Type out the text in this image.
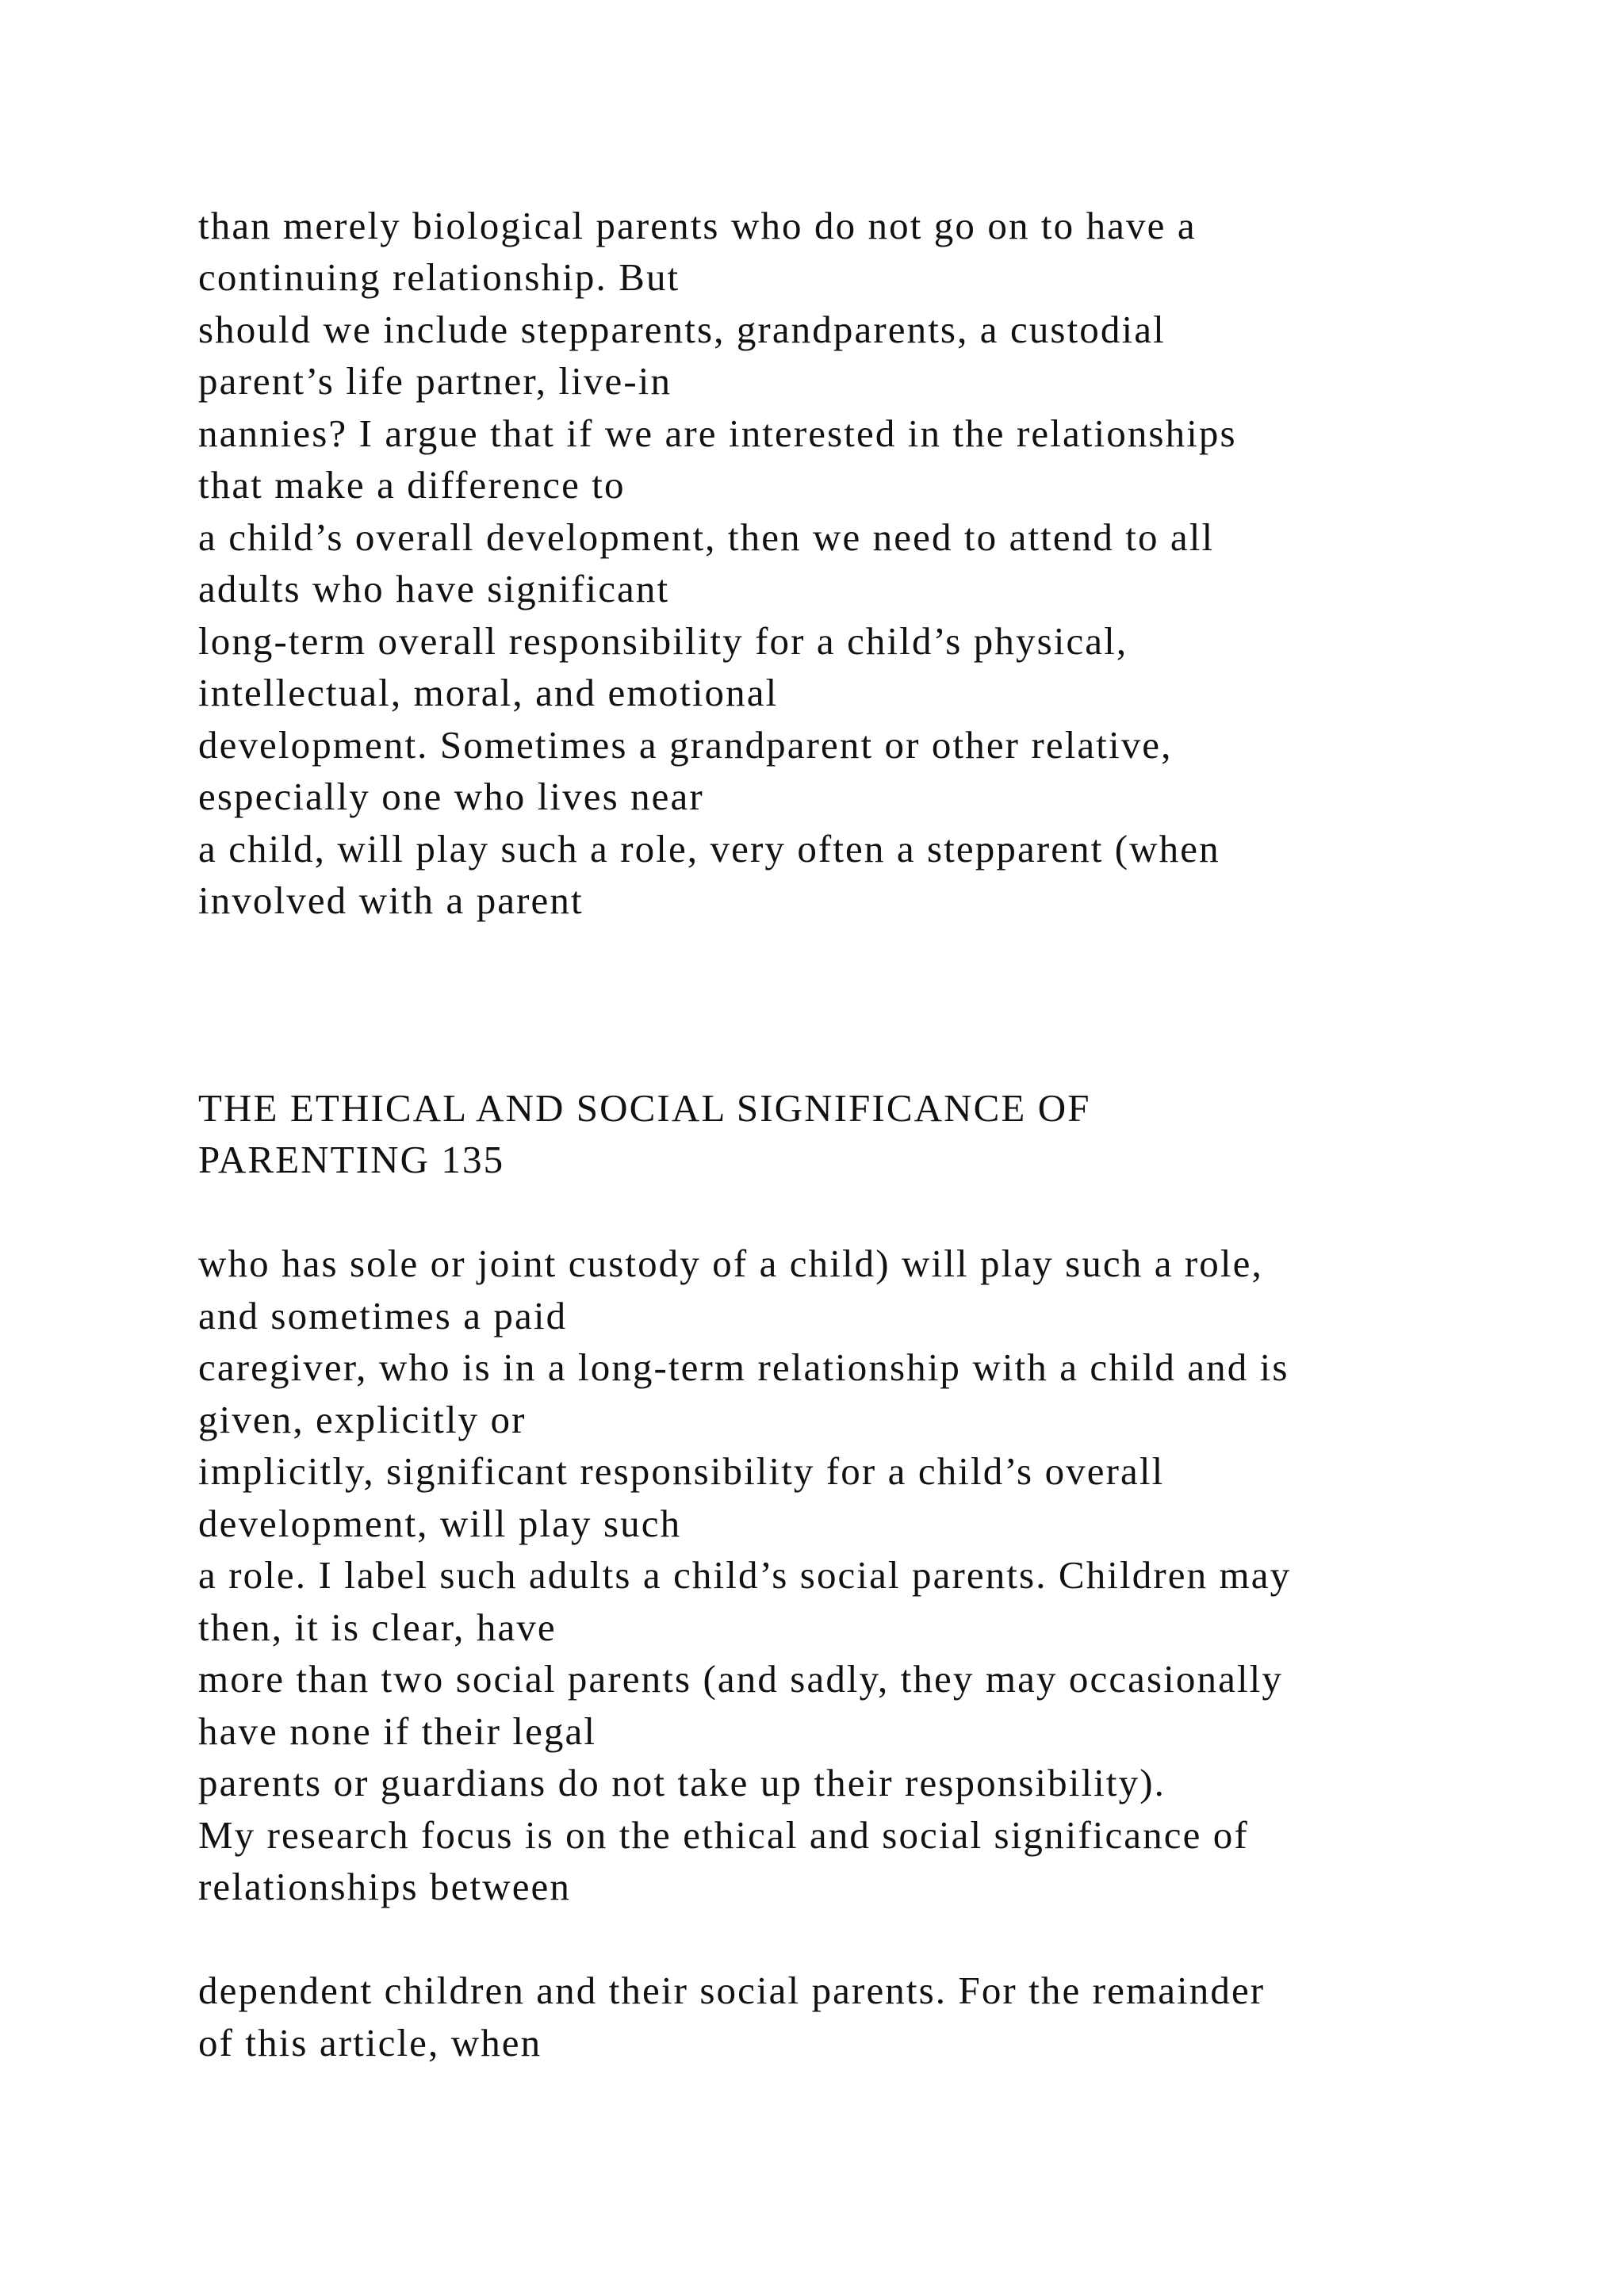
than merely biological parents who do not go on to have a
continuing relationship. But
should we include stepparents, grandparents, a custodial
parent’s life partner, live-in
nannies? I argue that if we are interested in the relationships
that make a difference to
a child’s overall development, then we need to attend to all
adults who have significant
long-term overall responsibility for a child’s physical,
intellectual, moral, and emotional
development. Sometimes a grandparent or other relative,
especially one who lives near
a child, will play such a role, very often a stepparent (when
involved with a parent
THE ETHICAL AND SOCIAL SIGNIFICANCE OF
PARENTING 135
who has sole or joint custody of a child) will play such a role,
and sometimes a paid
caregiver, who is in a long-term relationship with a child and is
given, explicitly or
implicitly, significant responsibility for a child’s overall
development, will play such
a role. I label such adults a child’s social parents. Children may
then, it is clear, have
more than two social parents (and sadly, they may occasionally
have none if their legal
parents or guardians do not take up their responsibility).
My research focus is on the ethical and social significance of
relationships between
dependent children and their social parents. For the remainder
of this article, when
